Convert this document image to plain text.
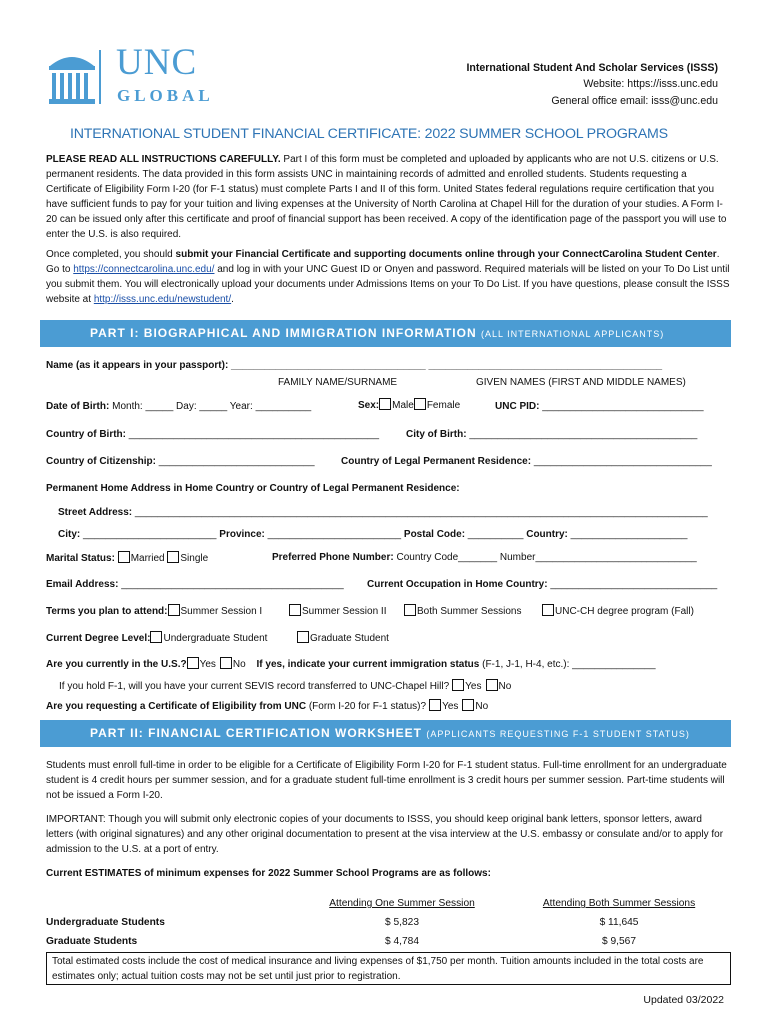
UNC
GLOBAL
International Student And Scholar Services (ISSS)
Website: https://isss.unc.edu
General office email: isss@unc.edu
INTERNATIONAL STUDENT FINANCIAL CERTIFICATE: 2022 SUMMER SCHOOL PROGRAMS
PLEASE READ ALL INSTRUCTIONS CAREFULLY. Part I of this form must be completed and uploaded by applicants who are not U.S. citizens or U.S. permanent residents. The data provided in this form assists UNC in maintaining records of admitted and enrolled students. Students requesting a Certificate of Eligibility Form I-20 (for F-1 status) must complete Parts I and II of this form. United States federal regulations require certification that you have sufficient funds to pay for your tuition and living expenses at the University of North Carolina at Chapel Hill for the duration of your studies. A Form I-20 can be issued only after this certificate and proof of financial support has been received. A copy of the identification page of the passport you will use to enter the U.S. is also required.
Once completed, you should submit your Financial Certificate and supporting documents online through your ConnectCarolina Student Center. Go to https://connectcarolina.unc.edu/ and log in with your UNC Guest ID or Onyen and password. Required materials will be listed on your To Do List until you submit them. You will electronically upload your documents under Admissions Items on your To Do List. If you have questions, please consult the ISSS website at http://isss.unc.edu/newstudent/.
PART I: BIOGRAPHICAL AND IMMIGRATION INFORMATION (ALL INTERNATIONAL APPLICANTS)
Name (as it appears in your passport): ___________________________________ __________________________________________
FAMILY NAME/SURNAME	GIVEN NAMES (FIRST AND MIDDLE NAMES)
Date of Birth: Month: _____ Day: _____ Year: __________	Sex: Male Female	UNC PID: _____________________________
Country of Birth: _____________________________________________	City of Birth: _________________________________________
Country of Citizenship: ____________________________	Country of Legal Permanent Residence: ________________________________
Permanent Home Address in Home Country or Country of Legal Permanent Residence:
Street Address: _______________________________________________________________________________________________________
City: ________________________ Province: ________________________ Postal Code: __________ Country: _____________________
Marital Status: Married Single	Preferred Phone Number: Country Code_______ Number_____________________________
Email Address: ________________________________________ Current Occupation in Home Country: ______________________________
Terms you plan to attend: Summer Session I	Summer Session II	Both Summer Sessions	UNC-CH degree program (Fall)
Current Degree Level: Undergraduate Student	Graduate Student
Are you currently in the U.S.? Yes No If yes, indicate your current immigration status (F-1, J-1, H-4, etc.): _______________
If you hold F-1, will you have your current SEVIS record transferred to UNC-Chapel Hill? Yes No
Are you requesting a Certificate of Eligibility from UNC (Form I-20 for F-1 status)? Yes No
PART II: FINANCIAL CERTIFICATION WORKSHEET (APPLICANTS REQUESTING F-1 STUDENT STATUS)
Students must enroll full-time in order to be eligible for a Certificate of Eligibility Form I-20 for F-1 student status. Full-time enrollment for an undergraduate student is 4 credit hours per summer session, and for a graduate student full-time enrollment is 3 credit hours per summer session. Part-time students will not be issued a Form I-20.
IMPORTANT: Though you will submit only electronic copies of your documents to ISSS, you should keep original bank letters, sponsor letters, award letters (with original signatures) and any other original documentation to present at the visa interview at the U.S. embassy or consulate and/or to apply for admission to the U.S. at a port of entry.
Current ESTIMATES of minimum expenses for 2022 Summer School Programs are as follows:
	Attending One Summer Session	Attending Both Summer Sessions
Undergraduate Students	$ 5,823	$ 11,645
Graduate Students	$ 4,784	$ 9,567
Total estimated costs include the cost of medical insurance and living expenses of $1,750 per month. Tuition amounts included in the total costs are estimates only; actual tuition costs may not be set until just prior to registration.
Updated 03/2022
